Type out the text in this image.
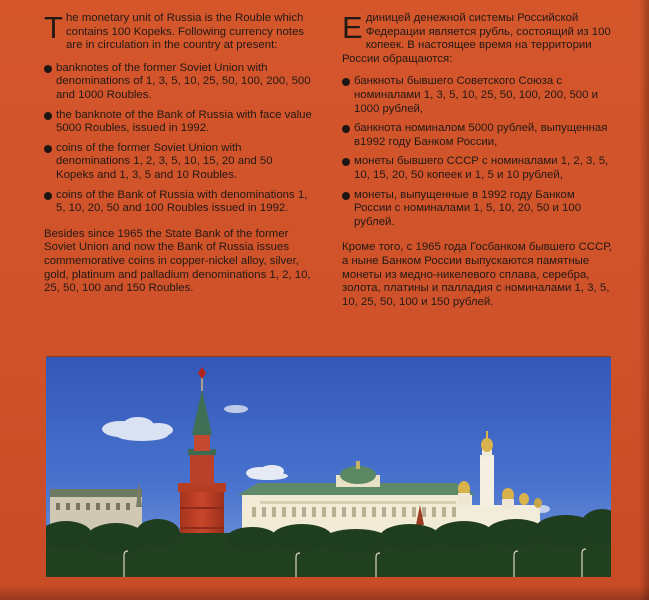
The monetary unit of Russia is the Rouble which contains 100 Kopeks. Following currency notes are in circulation in the country at present:

banknotes of the former Soviet Union with denominations of 1, 3, 5, 10, 25, 50, 100, 200, 500 and 1000 Roubles.
the banknote of the Bank of Russia with face value 5000 Roubles, issued in 1992.
coins of the former Soviet Union with denominations 1, 2, 3, 5, 10, 15, 20 and 50 Kopeks and 1, 3, 5 and 10 Roubles.
coins of the Bank of Russia with denominations 1, 5, 10, 20, 50 and 100 Roubles issued in 1992.

Besides since 1965 the State Bank of the former Soviet Union and now the Bank of Russia issues commemorative coins in copper-nickel alloy, silver, gold, platinum and palladium denominations 1, 2, 10, 25, 50, 100 and 150 Roubles.

Единицей денежной системы Российской Федерации является рубль, состоящий из 100 копеек. В настоящее время на территории России обращаются:

банкноты бывшего Советского Союза с номиналами 1, 3, 5, 10, 25, 50, 100, 200, 500 и 1000 рублей,
банкнота номиналом 5000 рублей, выпущенная в1992 году Банком России,
монеты бывшего СССР с номиналами 1, 2, 3, 5, 10, 15, 20, 50 копеек и 1, 5 и 10 рублей,
монеты, выпущенные в 1992 году Банком России с номиналами 1, 5, 10, 20, 50 и 100 рублей.

Кроме того, с 1965 года Госбанком бывшего СССР, а ныне Банком России выпускаются памятные монеты из медно-никелевого сплава, серебра, золота, платины и палладия с номиналами 1, 3, 5, 10, 25, 50, 100 и 150 рублей.
